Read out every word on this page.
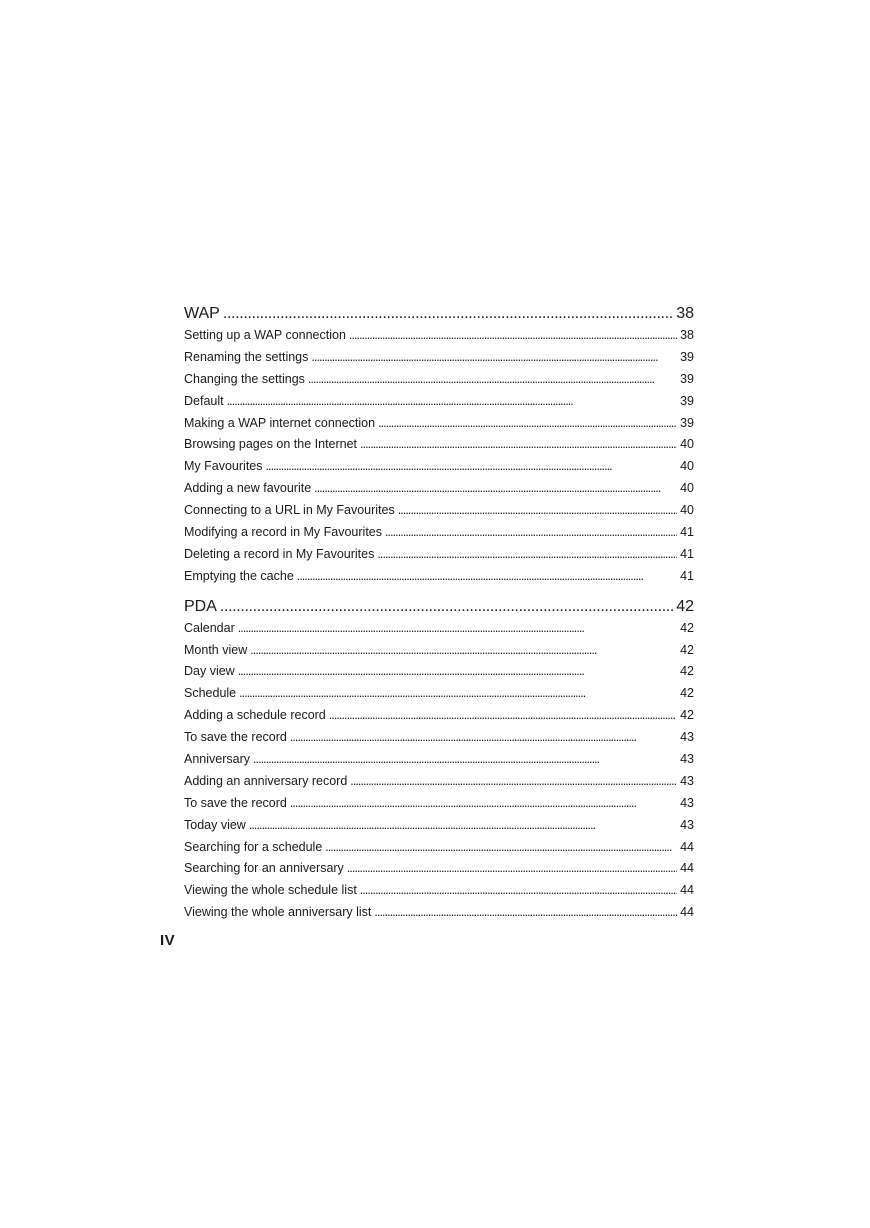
WAP . . .	38
Setting up a WAP connection . . .	38
Renaming the settings . . .	39
Changing the settings . . .	39
Default . . .	39
Making a WAP internet connection . . .	39
Browsing pages on the Internet . . .	40
My Favourites . . .	40
Adding a new favourite . . .	40
Connecting to a URL in My Favourites . . .	40
Modifying a record in My Favourites . . .	41
Deleting a record in My Favourites . . .	41
Emptying the cache . . .	41
PDA . . .	42
Calendar . . .	42
Month view . . .	42
Day view . . .	42
Schedule . . .	42
Adding a schedule record . . .	42
To save the record . . .	43
Anniversary . . .	43
Adding an anniversary record . . .	43
To save the record . . .	43
Today view . . .	43
Searching for a schedule . . .	44
Searching for an anniversary . . .	44
Viewing the whole schedule list . . .	44
Viewing the whole anniversary list . . .	44
IV
